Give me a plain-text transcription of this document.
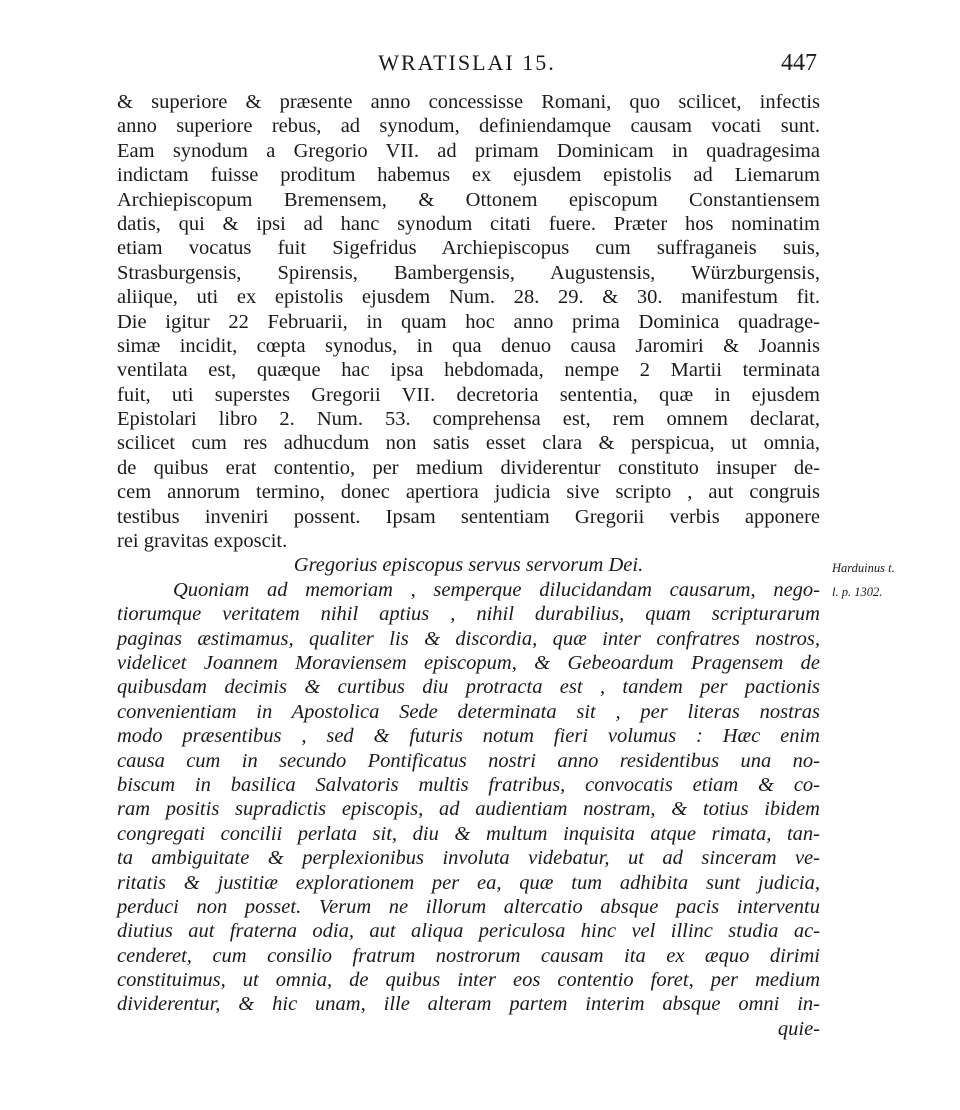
WRATISLAI 15.	447
& superiore & præsente anno concessisse Romani, quo scilicet, infectis
anno superiore rebus, ad synodum, definiendamque causam vocati sunt.
Eam synodum a Gregorio VII. ad primam Dominicam in quadragesima
indictam fuisse proditum habemus ex ejusdem epistolis ad Liemarum
Archiepiscopum Bremensem, & Ottonem episcopum Constantiensem
datis, qui & ipsi ad hanc synodum citati fuere. Præter hos nominatim
etiam vocatus fuit Sigefridus Archiepiscopus cum suffraganeis suis,
Strasburgensis, Spirensis, Bambergensis, Augustensis, Würzburgensis,
aliique, uti ex epistolis ejusdem Num. 28. 29. & 30. manifestum fit.
Die igitur 22 Februarii, in quam hoc anno prima Dominica quadrage-
simæ incidit, cœpta synodus, in qua denuo causa Jaromiri & Joannis
ventilata est, quæque hac ipsa hebdomada, nempe 2 Martii terminata
fuit, uti superstes Gregorii VII. decretoria sententia, quæ in ejusdem
Epistolari libro 2. Num. 53. comprehensa est, rem omnem declarat,
scilicet cum res adhucdum non satis esset clara & perspicua, ut omnia,
de quibus erat contentio, per medium dividerentur constituto insuper de-
cem annorum termino, donec apertiora judicia sive scripto , aut congruis
testibus inveniri possent. Ipsam sententiam Gregorii verbis apponere
rei gravitas exposcit.
Gregorius episcopus servus servorum Dei.
Quoniam ad memoriam , semperque dilucidandam causarum, nego-
tiorumque veritatem nihil aptius , nihil durabilius, quam scripturarum
paginas æstimamus, qualiter lis & discordia, quæ inter confratres nostros,
videlicet Joannem Moraviensem episcopum, & Gebeoardum Pragensem de
quibusdam decimis & curtibus diu protracta est , tandem per pactionis
convenientiam in Apostolica Sede determinata sit , per literas nostras
modo præsentibus , sed & futuris notum fieri volumus : Hæc enim
causa cum in secundo Pontificatus nostri anno residentibus una no-
biscum in basilica Salvatoris multis fratribus, convocatis etiam & co-
ram positis supradictis episcopis, ad audientiam nostram, & totius ibidem
congregati concilii perlata sit, diu & multum inquisita atque rimata, tan-
ta ambiguitate & perplexionibus involuta videbatur, ut ad sinceram ve-
ritatis & justitiæ explorationem per ea, quæ tum adhibita sunt judicia,
perduci non posset. Verum ne illorum altercatio absque pacis interventu
diutius aut fraterna odia, aut aliqua periculosa hinc vel illinc studia ac-
cenderet, cum consilio fratrum nostrorum causam ita ex æquo dirimi
constituimus, ut omnia, de quibus inter eos contentio foret, per medium
dividerentur, & hic unam, ille alteram partem interim absque omni in-
quie-
Harduinus t.
l. p. 1302.
